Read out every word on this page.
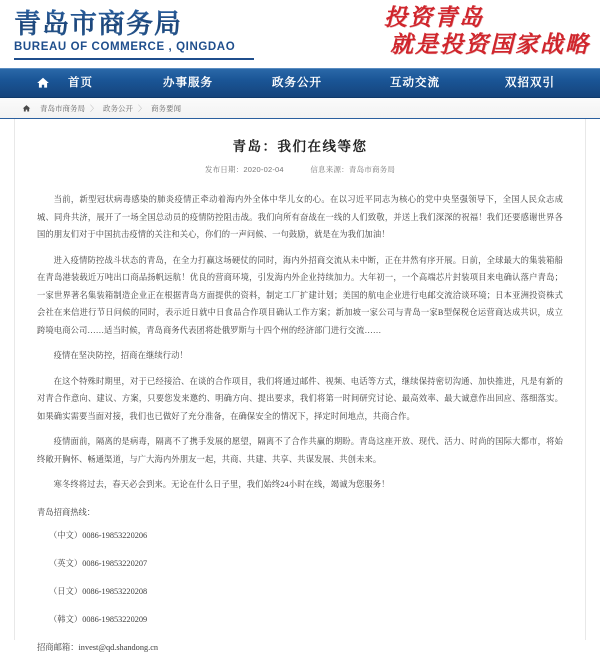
青岛市商务局
BUREAU OF COMMERCE , QINGDAO
投资青岛
就是投资国家战略
首页	办事服务	政务公开	互动交流	双招双引
青岛市商务局 〉 政务公开 〉 商务要闻
青岛：我们在线等您
发布日期：2020-02-04	信息来源：青岛市商务局

当前，新型冠状病毒感染的肺炎疫情正牵动着海内外全体中华儿女的心。在以习近平同志为核心的党中央坚强领导下，全国人民众志成城、同舟共济，展开了一场全国总动员的疫情防控阻击战。我们向所有奋战在一线的人们致敬，并送上我们深深的祝福！我们还要感谢世界各国的朋友们对于中国抗击疫情的关注和关心，你们的一声问候、一句鼓励，就是在为我们加油！

进入疫情防控战斗状态的青岛，在全力打赢这场硬仗的同时，海内外招商交流从未中断，正在井然有序开展。日前，全球最大的集装箱船在青岛港装载近万吨出口商品扬帆远航！优良的营商环境，引发海内外企业持续加力。大年初一，一个高端芯片封装项目来电确认落户青岛；一家世界著名集装箱制造企业正在根据青岛方面提供的资料，制定工厂扩建计划；美国的航电企业进行电邮交流洽谈环境；日本亚洲投资株式会社在来信进行节日问候的同时，表示近日就中日食品合作项目确认工作方案；新加坡一家公司与青岛一家B型保税仓运营商达成共识，成立跨境电商公司……适当时候，青岛商务代表团将赴俄罗斯与十四个州的经济部门进行交流……

疫情在坚决防控，招商在继续行动！

在这个特殊时期里，对于已经接洽、在谈的合作项目，我们将通过邮件、视频、电话等方式，继续保持密切沟通、加快推进，凡是有新的对青合作意向、建议、方案，只要您发来邀约、明确方向、提出要求，我们将第一时间研究讨论、最高效率、最大诚意作出回应、落细落实。如果确实需要当面对接，我们也已做好了充分准备，在确保安全的情况下，择定时间地点，共商合作。

疫情面前，隔离的是病毒，隔离不了携手发展的愿望，隔离不了合作共赢的期盼。青岛这座开放、现代、活力、时尚的国际大都市，将始终敞开胸怀、畅通渠道，与广大海内外朋友一起，共商、共建、共享、共谋发展、共创未来。

寒冬终将过去，春天必会到来。无论在什么日子里，我们始终24小时在线，竭诚为您服务！

青岛招商热线：
（中文）0086-19853220206
（英文）0086-19853220207
（日文）0086-19853220208
（韩文）0086-19853220209
招商邮箱：invest@qd.shandong.cn
